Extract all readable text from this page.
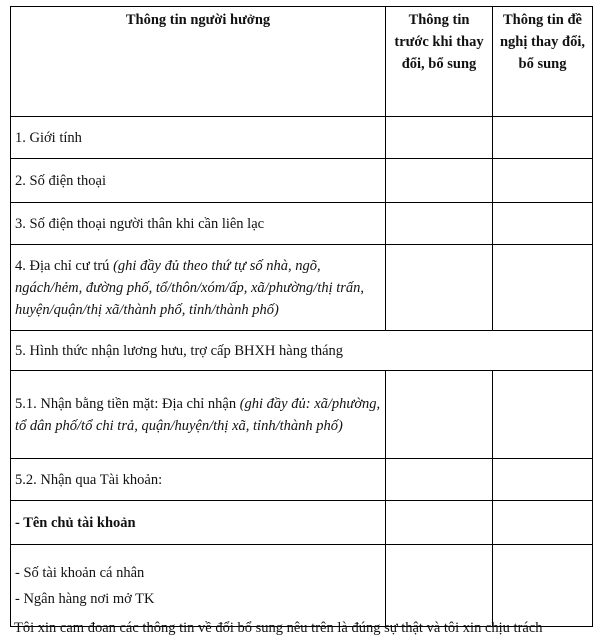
Thông tin người hưởng	Thông tin trước khi thay đổi, bổ sung	Thông tin đề nghị thay đổi, bổ sung
1. Giới tính		
2. Số điện thoại		
3. Số điện thoại người thân khi cần liên lạc		
4. Địa chỉ cư trú (ghi đầy đủ theo thứ tự số nhà, ngõ, ngách/hẻm, đường phố, tổ/thôn/xóm/ấp, xã/phường/thị trấn, huyện/quận/thị xã/thành phố, tỉnh/thành phố)		
5. Hình thức nhận lương hưu, trợ cấp BHXH hàng tháng		
5.1. Nhận bằng tiền mặt: Địa chỉ nhận (ghi đầy đủ: xã/phường, tổ dân phố/tổ chi trả, quận/huyện/thị xã, tỉnh/thành phố)		
5.2. Nhận qua Tài khoản:		
- Tên chủ tài khoản		

- Số tài khoản cá nhân
- Ngân hàng nơi mở TK		

Tôi xin cam đoan các thông tin về đổi bổ sung nêu trên là đúng sự thật và tôi xin chịu trách
